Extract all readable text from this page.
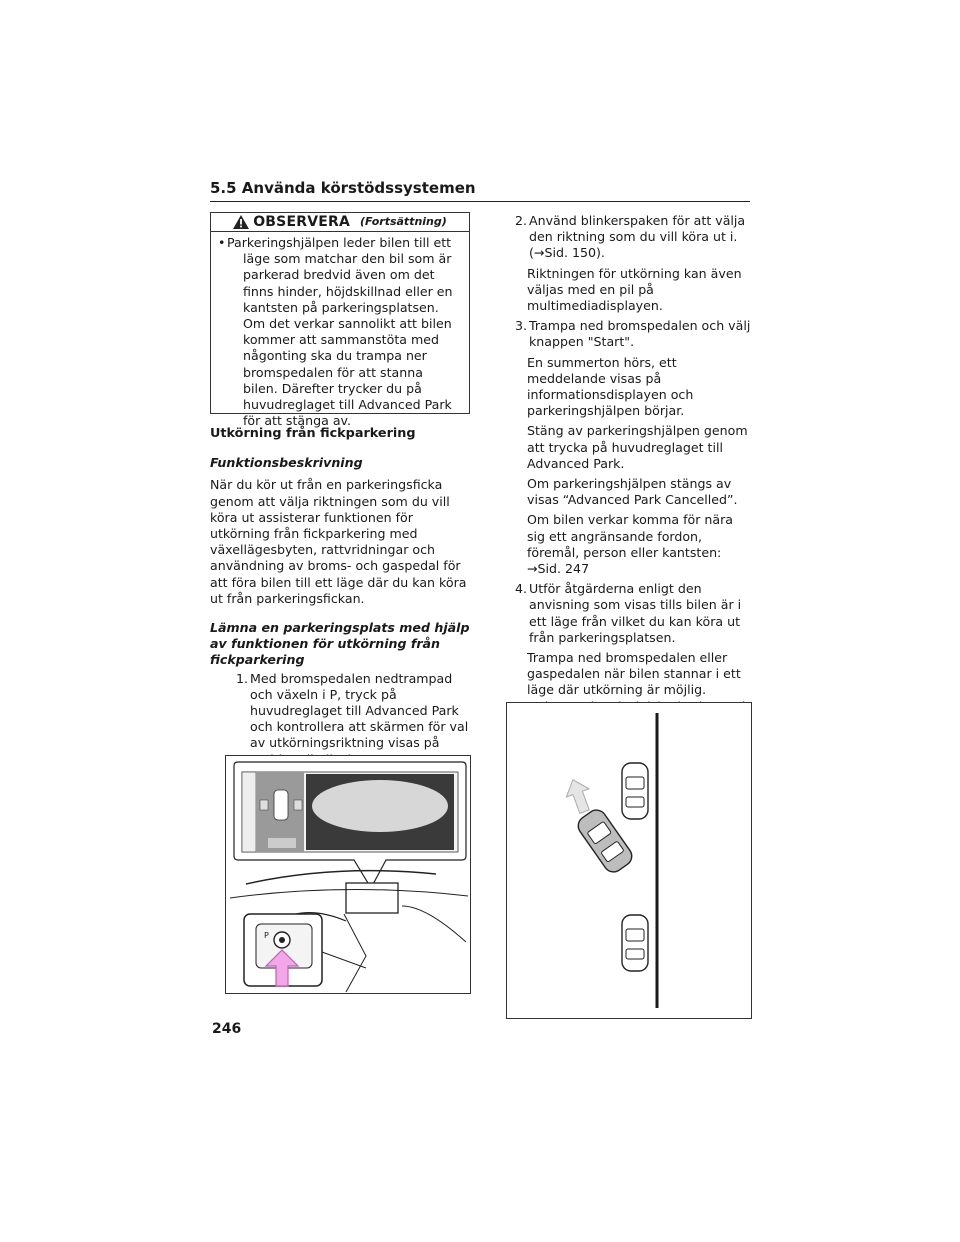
5.5 Använda körstödssystemen
OBSERVERA (Fortsättning)
• Parkeringshjälpen leder bilen till ett läge som matchar den bil som är parkerad bredvid även om det finns hinder, höjdskillnad eller en kantsten på parkeringsplatsen. Om det verkar sannolikt att bilen kommer att sammanstöta med någonting ska du trampa ner bromspedalen för att stanna bilen. Därefter trycker du på huvudreglaget till Advanced Park för att stänga av.

Utkörning från fickparkering
Funktionsbeskrivning
När du kör ut från en parkeringsficka genom att välja riktningen som du vill köra ut assisterar funktionen för utkörning från fickparkering med växellägesbyten, rattvridningar och användning av broms- och gaspedal för att föra bilen till ett läge där du kan köra ut från parkeringsfickan.
Lämna en parkeringsplats med hjälp av funktionen för utkörning från fickparkering
1. Med bromspedalen nedtrampad och växeln i P, tryck på huvudreglaget till Advanced Park och kontrollera att skärmen för val av utkörningsriktning visas på
P
2. Använd blinkerspaken för att välja den riktning som du vill köra ut i. (→Sid. 150).
Riktningen för utkörning kan även väljas med en pil på multimediadisplayen.
3. Trampa ned bromspedalen och välj knappen "Start".
En summerton hörs, ett meddelande visas på informationsdisplayen och parkeringshjälpen börjar.
Stäng av parkeringshjälpen genom att trycka på huvudreglaget till Advanced Park.
Om parkeringshjälpen stängs av visas “Advanced Park Cancelled”.
Om bilen verkar komma för nära sig ett angränsande fordon, föremål, person eller kantsten: →Sid. 247
4. Utför åtgärderna enligt den anvisning som visas tills bilen är i ett läge från vilket du kan köra ut från parkeringsplatsen.
Trampa ned bromspedalen eller gaspedalen när bilen stannar i ett läge där utkörning är möjlig.
246
